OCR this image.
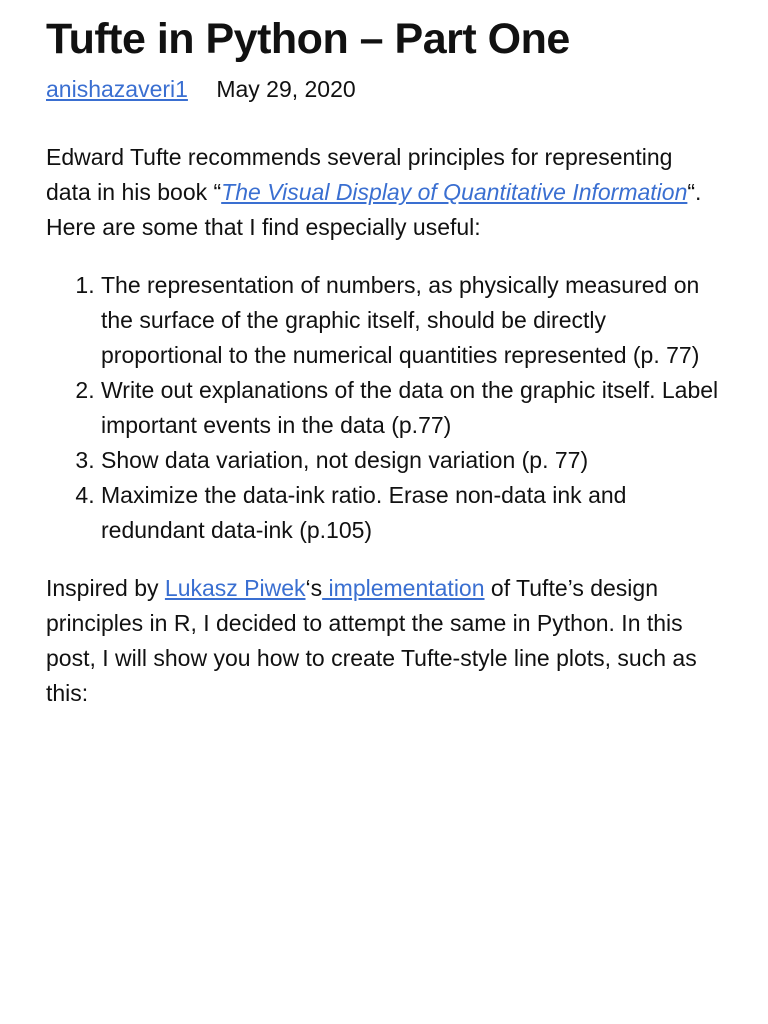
Tufte in Python – Part One
anishazaveri1 May 29, 2020

Edward Tufte recommends several principles for representing data in his book “The Visual Display of Quantitative Information“. Here are some that I find especially useful:

1. The representation of numbers, as physically measured on the surface of the graphic itself, should be directly proportional to the numerical quantities represented (p. 77)
2. Write out explanations of the data on the graphic itself. Label important events in the data (p.77)
3. Show data variation, not design variation (p. 77)
4. Maximize the data-ink ratio. Erase non-data ink and redundant data-ink (p.105)

Inspired by Lukasz Piwek‘s implementation of Tufte’s design principles in R, I decided to attempt the same in Python. In this post, I will show you how to create Tufte-style line plots, such as this:
